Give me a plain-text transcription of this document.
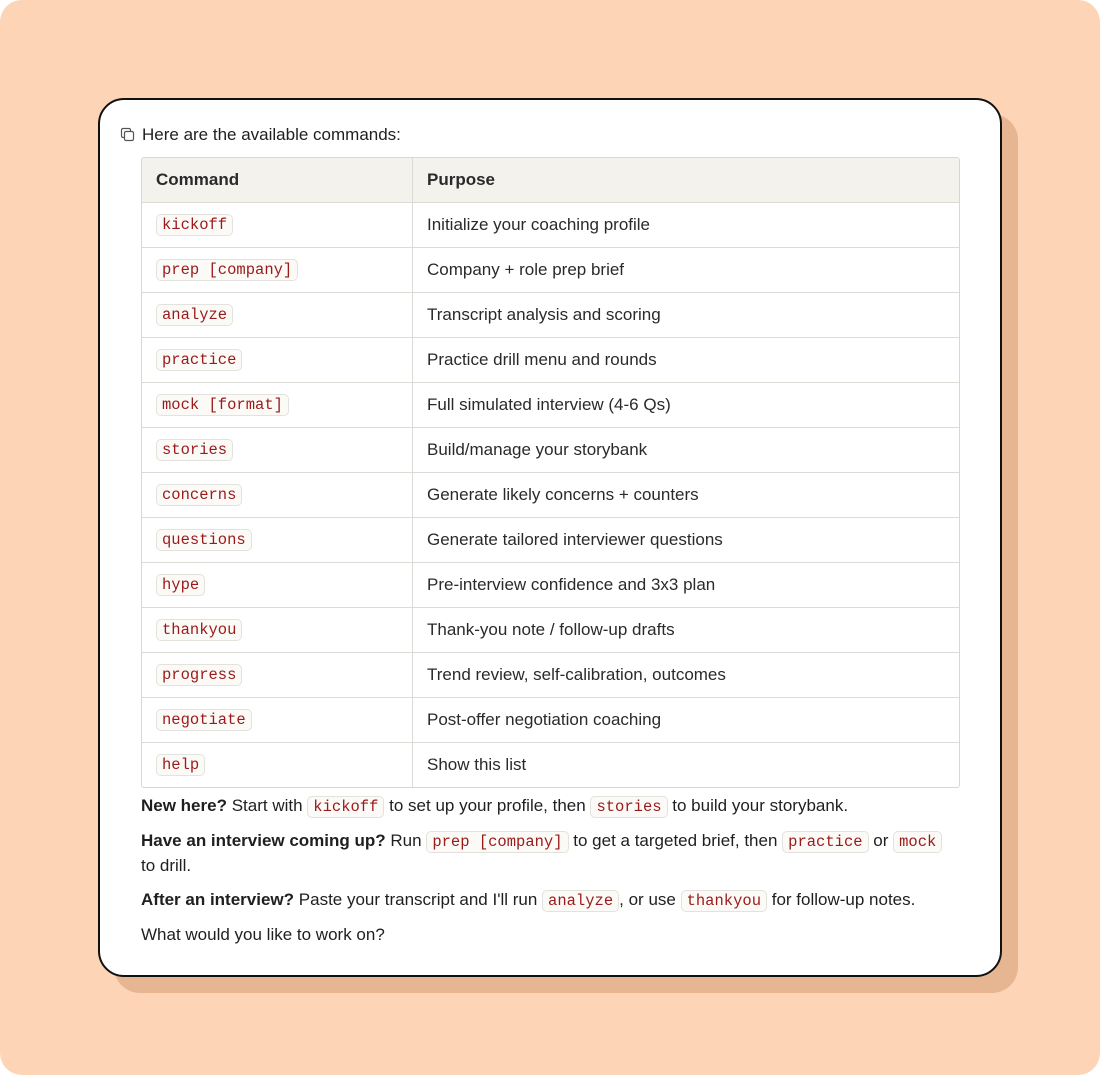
Here are the available commands:
Command	Purpose
kickoff	Initialize your coaching profile
prep [company]	Company + role prep brief
analyze	Transcript analysis and scoring
practice	Practice drill menu and rounds
mock [format]	Full simulated interview (4-6 Qs)
stories	Build/manage your storybank
concerns	Generate likely concerns + counters
questions	Generate tailored interviewer questions
hype	Pre-interview confidence and 3x3 plan
thankyou	Thank-you note / follow-up drafts
progress	Trend review, self-calibration, outcomes
negotiate	Post-offer negotiation coaching
help	Show this list

New here? Start with kickoff to set up your profile, then stories to build your storybank.

Have an interview coming up? Run prep [company] to get a targeted brief, then practice or mock to drill.

After an interview? Paste your transcript and I'll run analyze , or use thankyou for follow-up notes.

What would you like to work on?
